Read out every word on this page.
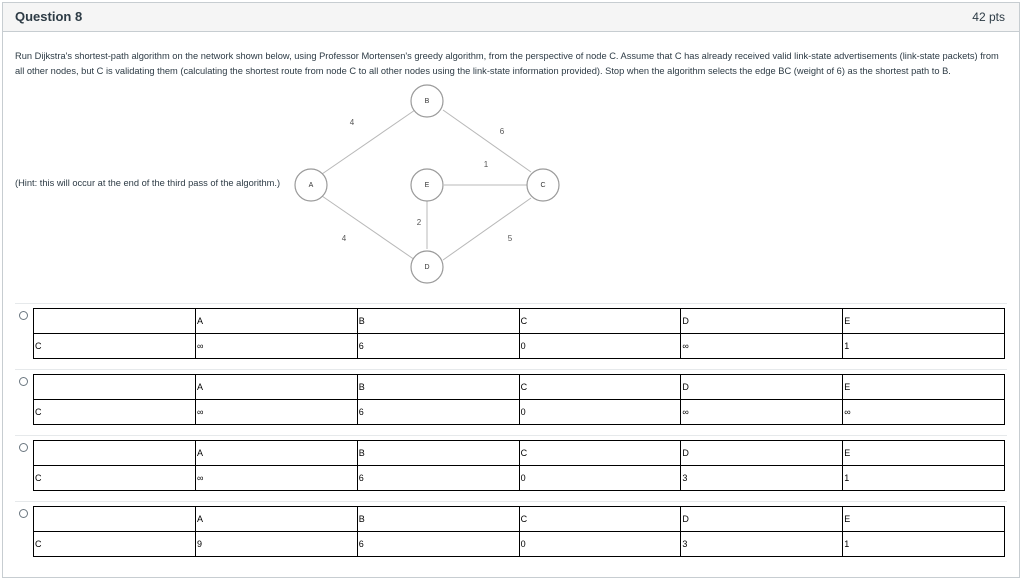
Question 8	42 pts
Run Dijkstra's shortest-path algorithm on the network shown below, using Professor Mortensen's greedy algorithm, from the perspective of node C. Assume that C has already received valid link-state advertisements (link-state packets) from all other nodes, but C is validating them (calculating the shortest route from node C to all other nodes using the link-state information provided). Stop when the algorithm selects the edge BC (weight of 6) as the shortest path to B.
(Hint: this will occur at the end of the third pass of the algorithm.)	A
B
C
D
E
4
6
1
4
2
5
	A	B	C	D	E
C	∞	6	0	∞	1
	A	B	C	D	E
C	∞	6	0	∞	∞
	A	B	C	D	E
C	∞	6	0	3	1
	A	B	C	D	E
C	9	6	0	3	1
